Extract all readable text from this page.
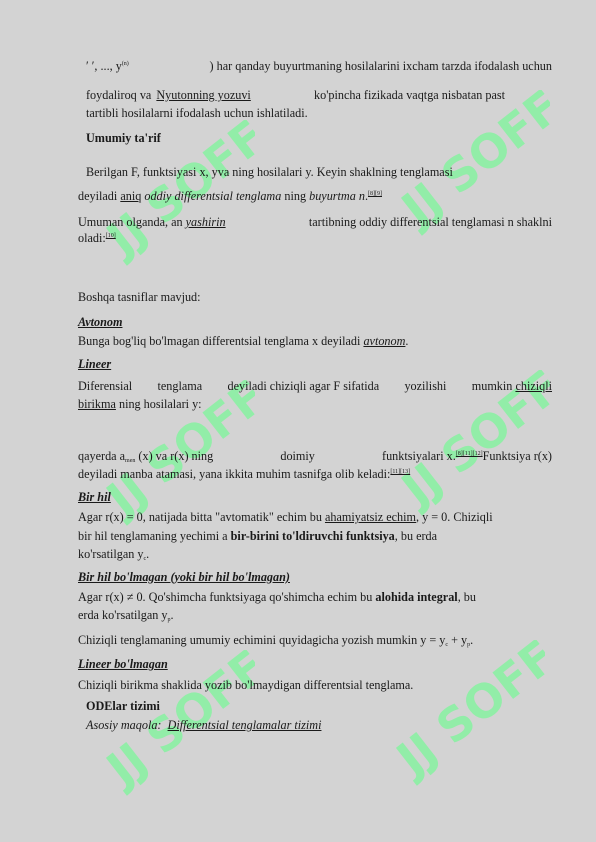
JJ SOFF	JJ SOFF
JJ SOFF	JJ SOFF
JJ SOFF JJ SOFF
′ ′, ..., $y^{(n)}$	) har qanday buyurtmaning hosilalarini ixcham tarzda ifodalash uchun
foydaliroq va Nyutonning yozuvi	ko'pincha fizikada vaqtga nisbatan past
tartibli hosilalarni ifodalash uchun ishlatiladi.
Umumiy ta'rif
Berilgan F, funktsiyasi x, yva ning hosilalari y. Keyin shaklning tenglamasi
deyiladi aniq oddiy differentsial tenglama ning buyurtma n.[8][9]
Umuman olganda, an yashirin	tartibning oddiy differentsial tenglamasi n shaklni
oladi:[10]
Boshqa tasniflar mavjud:
Avtonom
Bunga bog'liq bo'lmagan differentsial tenglama x deyiladi avtonom.
Lineer
Diferensial tenglama deyiladi chiziqli agar F sifatida yozilishi mumkin chiziqli
birikma ning hosilalari y:
qayerda $a_{men}$ (x) va r(x) ning	doimiy	funktsiyalari x.[8][11][12]Funktsiya r(x)
deyiladi manba atamasi, yana ikkita muhim tasnifga olib keladi:[11][13]
Bir hil
Agar r(x) = 0, natijada bitta "avtomatik" echim bu ahamiyatsiz echim, y = 0. Chiziqli
bir hil tenglamaning yechimi a bir-birini to'ldiruvchi funktsiya, bu erda
ko'rsatilgan $y_c$.
Bir hil bo'lmagan (yoki bir hil bo'lmagan)
Agar r(x) ≠ 0. Qo'shimcha funktsiyaga qo'shimcha echim bu alohida integral, bu
erda ko'rsatilgan $y_p$.
Chiziqli tenglamaning umumiy echimini quyidagicha yozish mumkin $y = y_c + y_p$.
Lineer bo'lmagan
Chiziqli birikma shaklida yozib bo'lmaydigan differentsial tenglama.
ODElar tizimi
Asosiy maqola: Differentsial tenglamalar tizimi
